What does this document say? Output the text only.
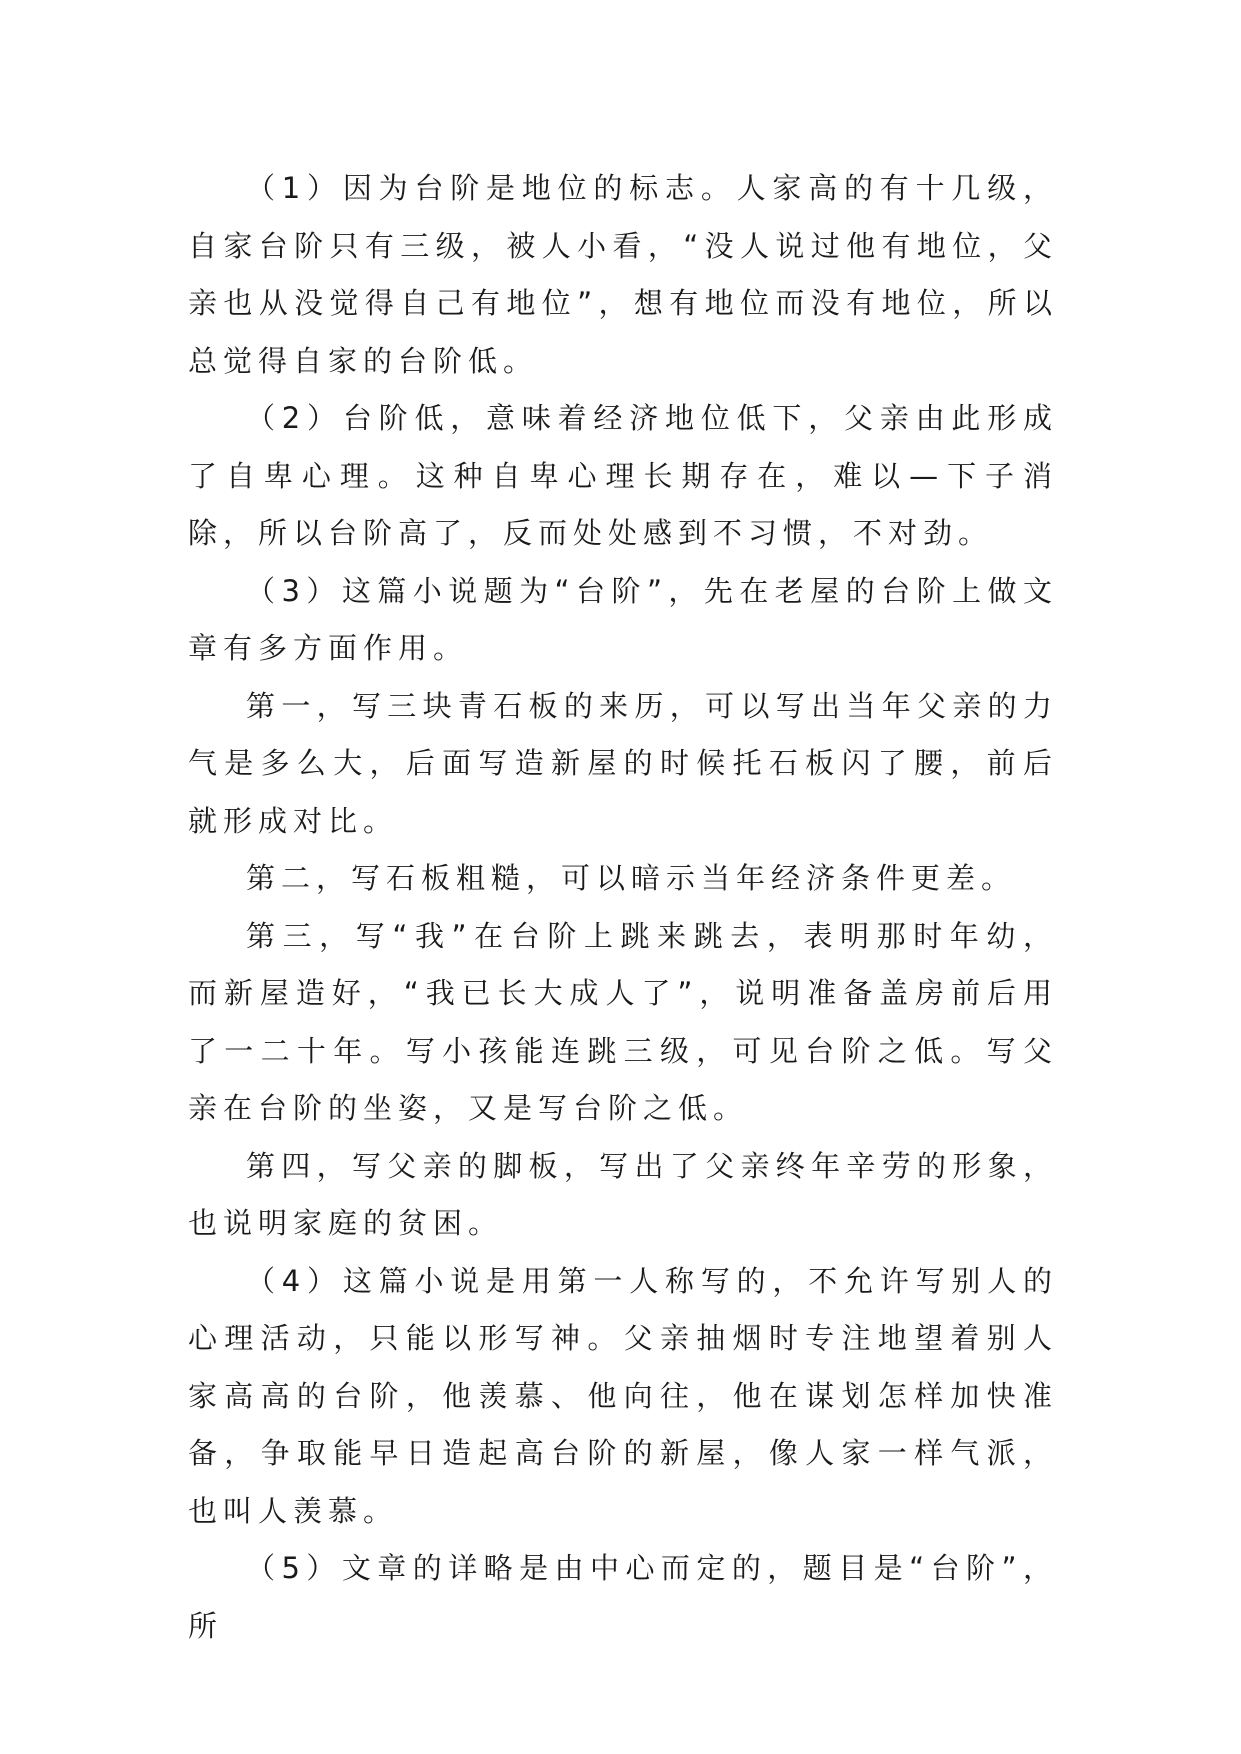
（1）因为台阶是地位的标志。人家高的有十几级，自家台阶只有三级，被人小看，“没人说过他有地位，父亲也从没觉得自己有地位”，想有地位而没有地位，所以总觉得自家的台阶低。

（2）台阶低，意味着经济地位低下，父亲由此形成了自卑心理。这种自卑心理长期存在，难以—下子消除，所以台阶高了，反而处处感到不习惯，不对劲。

（3）这篇小说题为“台阶”，先在老屋的台阶上做文章有多方面作用。

第一，写三块青石板的来历，可以写出当年父亲的力气是多么大，后面写造新屋的时候托石板闪了腰，前后就形成对比。

第二，写石板粗糙，可以暗示当年经济条件更差。

第三，写“我”在台阶上跳来跳去，表明那时年幼，而新屋造好，“我已长大成人了”，说明准备盖房前后用了一二十年。写小孩能连跳三级，可见台阶之低。写父亲在台阶的坐姿，又是写台阶之低。

第四，写父亲的脚板，写出了父亲终年辛劳的形象，也说明家庭的贫困。

（4）这篇小说是用第一人称写的，不允许写别人的心理活动，只能以形写神。父亲抽烟时专注地望着别人家高高的台阶，他羡慕、他向往，他在谋划怎样加快准备，争取能早日造起高台阶的新屋，像人家一样气派，也叫人羡慕。

（5）文章的详略是由中心而定的，题目是“台阶”，所
